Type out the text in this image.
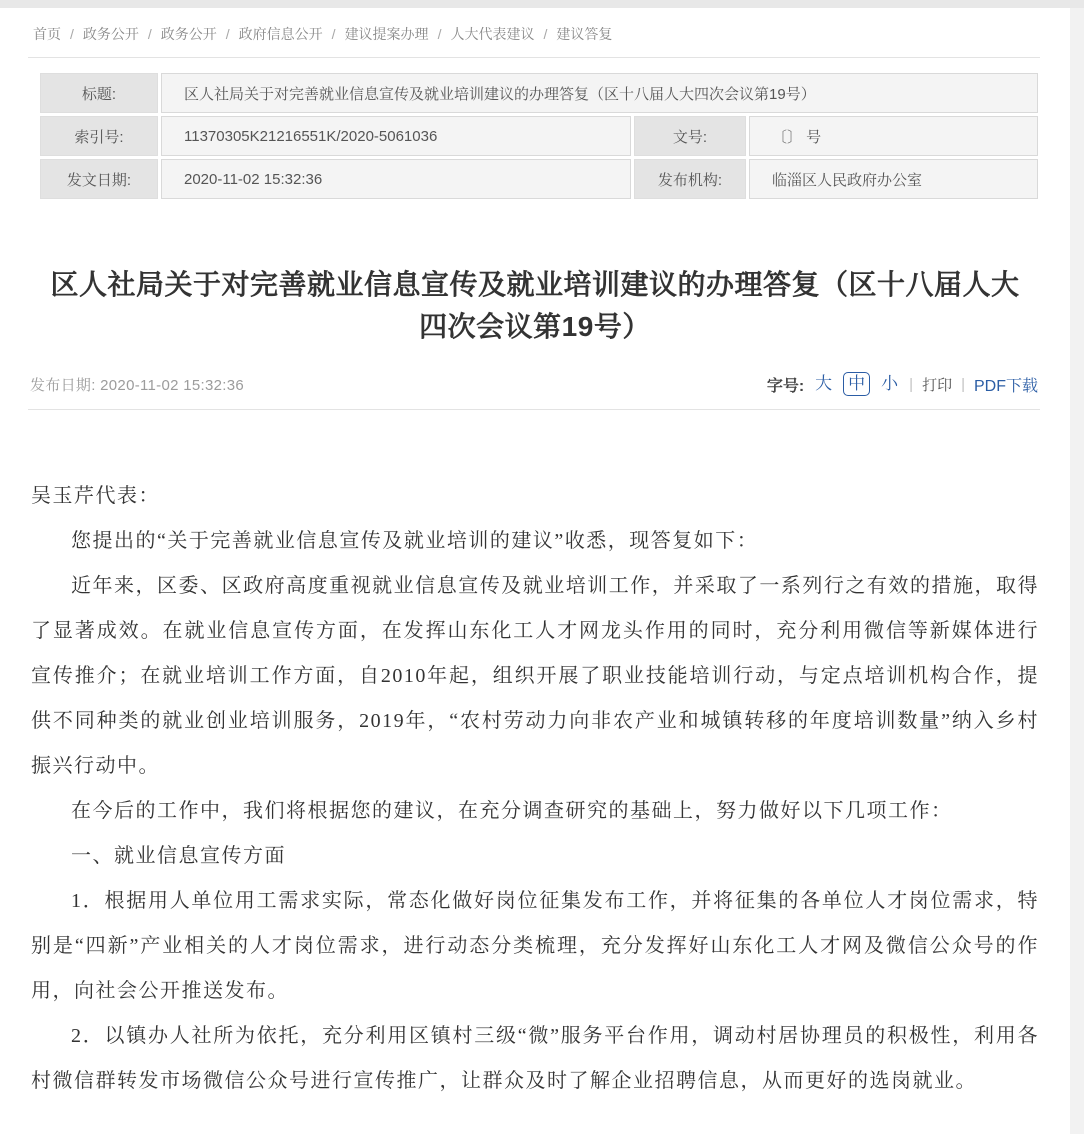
首页 / 政务公开 / 政务公开 / 政府信息公开 / 建议提案办理 / 人大代表建议 / 建议答复
标题:	区人社局关于对完善就业信息宣传及就业培训建议的办理答复（区十八届人大四次会议第19号）		
索引号:	11370305K21216551K/2020-5061036	文号:	〔〕 号
发文日期:	2020-11-02 15:32:36	发布机构:	临淄区人民政府办公室
区人社局关于对完善就业信息宣传及就业培训建议的办理答复（区十八届人大四次会议第19号）
发布日期: 2020-11-02 15:32:36	字号: 大 中 小 | 打印 | PDF下载

吴玉芹代表：

您提出的“关于完善就业信息宣传及就业培训的建议”收悉，现答复如下：

近年来，区委、区政府高度重视就业信息宣传及就业培训工作，并采取了一系列行之有效的措施，取得了显著成效。在就业信息宣传方面，在发挥山东化工人才网龙头作用的同时，充分利用微信等新媒体进行宣传推介；在就业培训工作方面，自2010年起，组织开展了职业技能培训行动，与定点培训机构合作，提供不同种类的就业创业培训服务，2019年，“农村劳动力向非农产业和城镇转移的年度培训数量”纳入乡村振兴行动中。

在今后的工作中，我们将根据您的建议，在充分调查研究的基础上，努力做好以下几项工作：

一、就业信息宣传方面

1．根据用人单位用工需求实际，常态化做好岗位征集发布工作，并将征集的各单位人才岗位需求，特别是“四新”产业相关的人才岗位需求，进行动态分类梳理，充分发挥好山东化工人才网及微信公众号的作用，向社会公开推送发布。

2．以镇办人社所为依托，充分利用区镇村三级“微”服务平台作用，调动村居协理员的积极性，利用各村微信群转发市场微信公众号进行宣传推广，让群众及时了解企业招聘信息，从而更好的选岗就业。
